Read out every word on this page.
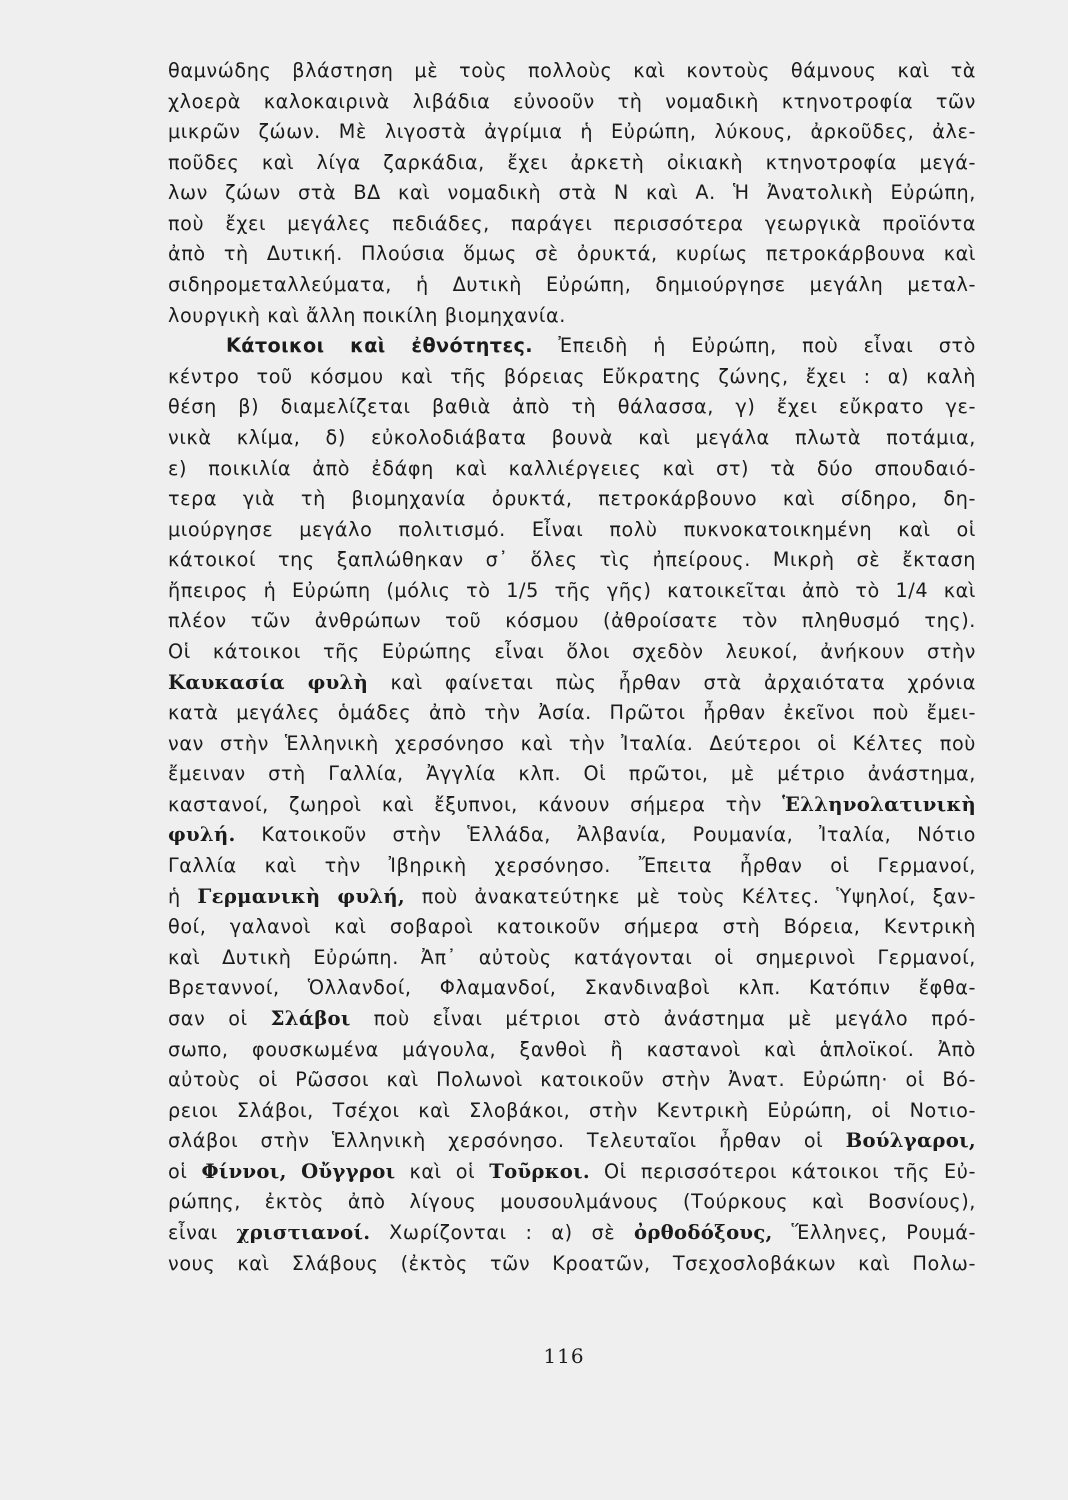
θαμνώδης βλάστηση μὲ τοὺς πολλοὺς καὶ κοντοὺς θάμνους καὶ τὰ
χλοερὰ καλοκαιρινὰ λιβάδια εὐνοοῦν τὴ νομαδικὴ κτηνοτροφία τῶν
μικρῶν ζώων. Μὲ λιγοστὰ ἀγρίμια ἡ Εὐρώπη, λύκους, ἀρκοῦδες, ἀλε-
ποῦδες καὶ λίγα ζαρκάδια, ἔχει ἀρκετὴ οἰκιακὴ κτηνοτροφία μεγά-
λων ζώων στὰ ΒΔ καὶ νομαδικὴ στὰ Ν καὶ Α. Ἡ Ἀνατολικὴ Εὐρώπη,
ποὺ ἔχει μεγάλες πεδιάδες, παράγει περισσότερα γεωργικὰ προϊόντα
ἀπὸ τὴ Δυτική. Πλούσια ὅμως σὲ ὀρυκτά, κυρίως πετροκάρβουνα καὶ
σιδηρομεταλλεύματα, ἡ Δυτικὴ Εὐρώπη, δημιούργησε μεγάλη μεταλ-
λουργικὴ καὶ ἄλλη ποικίλη βιομηχανία.
Κάτοικοι καὶ ἐθνότητες. Ἐπειδὴ ἡ Εὐρώπη, ποὺ εἶναι στὸ
κέντρο τοῦ κόσμου καὶ τῆς βόρειας Εὔκρατης ζώνης, ἔχει : α) καλὴ
θέση β) διαμελίζεται βαθιὰ ἀπὸ τὴ θάλασσα, γ) ἔχει εὔκρατο γε-
νικὰ κλίμα, δ) εὐκολοδιάβατα βουνὰ καὶ μεγάλα πλωτὰ ποτάμια,
ε) ποικιλία ἀπὸ ἐδάφη καὶ καλλιέργειες καὶ στ) τὰ δύο σπουδαιό-
τερα γιὰ τὴ βιομηχανία ὀρυκτά, πετροκάρβουνο καὶ σίδηρο, δη-
μιούργησε μεγάλο πολιτισμό. Εἶναι πολὺ πυκνοκατοικημένη καὶ οἱ
κάτοικοί της ξαπλώθηκαν σ᾽ ὅλες τὶς ἠπείρους. Μικρὴ σὲ ἔκταση
ἤπειρος ἡ Εὐρώπη (μόλις τὸ 1/5 τῆς γῆς) κατοικεῖται ἀπὸ τὸ 1/4 καὶ
πλέον τῶν ἀνθρώπων τοῦ κόσμου (ἀθροίσατε τὸν πληθυσμό της).
Οἱ κάτοικοι τῆς Εὐρώπης εἶναι ὅλοι σχεδὸν λευκοί, ἀνήκουν στὴν
Καυκασία φυλὴ καὶ φαίνεται πὼς ἦρθαν στὰ ἀρχαιότατα χρόνια
κατὰ μεγάλες ὁμάδες ἀπὸ τὴν Ἀσία. Πρῶτοι ἦρθαν ἐκεῖνοι ποὺ ἔμει-
ναν στὴν Ἑλληνικὴ χερσόνησο καὶ τὴν Ἰταλία. Δεύτεροι οἱ Κέλτες ποὺ
ἔμειναν στὴ Γαλλία, Ἀγγλία κλπ. Οἱ πρῶτοι, μὲ μέτριο ἀνάστημα,
καστανοί, ζωηροὶ καὶ ἔξυπνοι, κάνουν σήμερα τὴν Ἑλληνολατινικὴ
φυλή. Κατοικοῦν στὴν Ἑλλάδα, Ἀλβανία, Ρουμανία, Ἰταλία, Νότιο
Γαλλία καὶ τὴν Ἰβηρικὴ χερσόνησο. Ἔπειτα ἦρθαν οἱ Γερμανοί,
ἡ Γερμανικὴ φυλή, ποὺ ἀνακατεύτηκε μὲ τοὺς Κέλτες. Ὑψηλοί, ξαν-
θοί, γαλανοὶ καὶ σοβαροὶ κατοικοῦν σήμερα στὴ Βόρεια, Κεντρικὴ
καὶ Δυτικὴ Εὐρώπη. Ἀπ᾽ αὐτοὺς κατάγονται οἱ σημερινοὶ Γερμανοί,
Βρεταννοί, Ὁλλανδοί, Φλαμανδοί, Σκανδιναβοὶ κλπ. Κατόπιν ἔφθα-
σαν οἱ Σλάβοι ποὺ εἶναι μέτριοι στὸ ἀνάστημα μὲ μεγάλο πρό-
σωπο, φουσκωμένα μάγουλα, ξανθοὶ ἢ καστανοὶ καὶ ἁπλοϊκοί. Ἀπὸ
αὐτοὺς οἱ Ρῶσσοι καὶ Πολωνοὶ κατοικοῦν στὴν Ἀνατ. Εὐρώπη· οἱ Βό-
ρειοι Σλάβοι, Τσέχοι καὶ Σλοβάκοι, στὴν Κεντρικὴ Εὐρώπη, οἱ Νοτιο-
σλάβοι στὴν Ἑλληνικὴ χερσόνησο. Τελευταῖοι ἦρθαν οἱ Βούλγαροι,
οἱ Φίννοι, Οὔγγροι καὶ οἱ Τοῦρκοι. Οἱ περισσότεροι κάτοικοι τῆς Εὐ-
ρώπης, ἐκτὸς ἀπὸ λίγους μουσουλμάνους (Τούρκους καὶ Βοσνίους),
εἶναι χριστιανοί. Χωρίζονται : α) σὲ ὀρθοδόξους, Ἕλληνες, Ρουμά-
νους καὶ Σλάβους (ἐκτὸς τῶν Κροατῶν, Τσεχοσλοβάκων καὶ Πολω-
116
